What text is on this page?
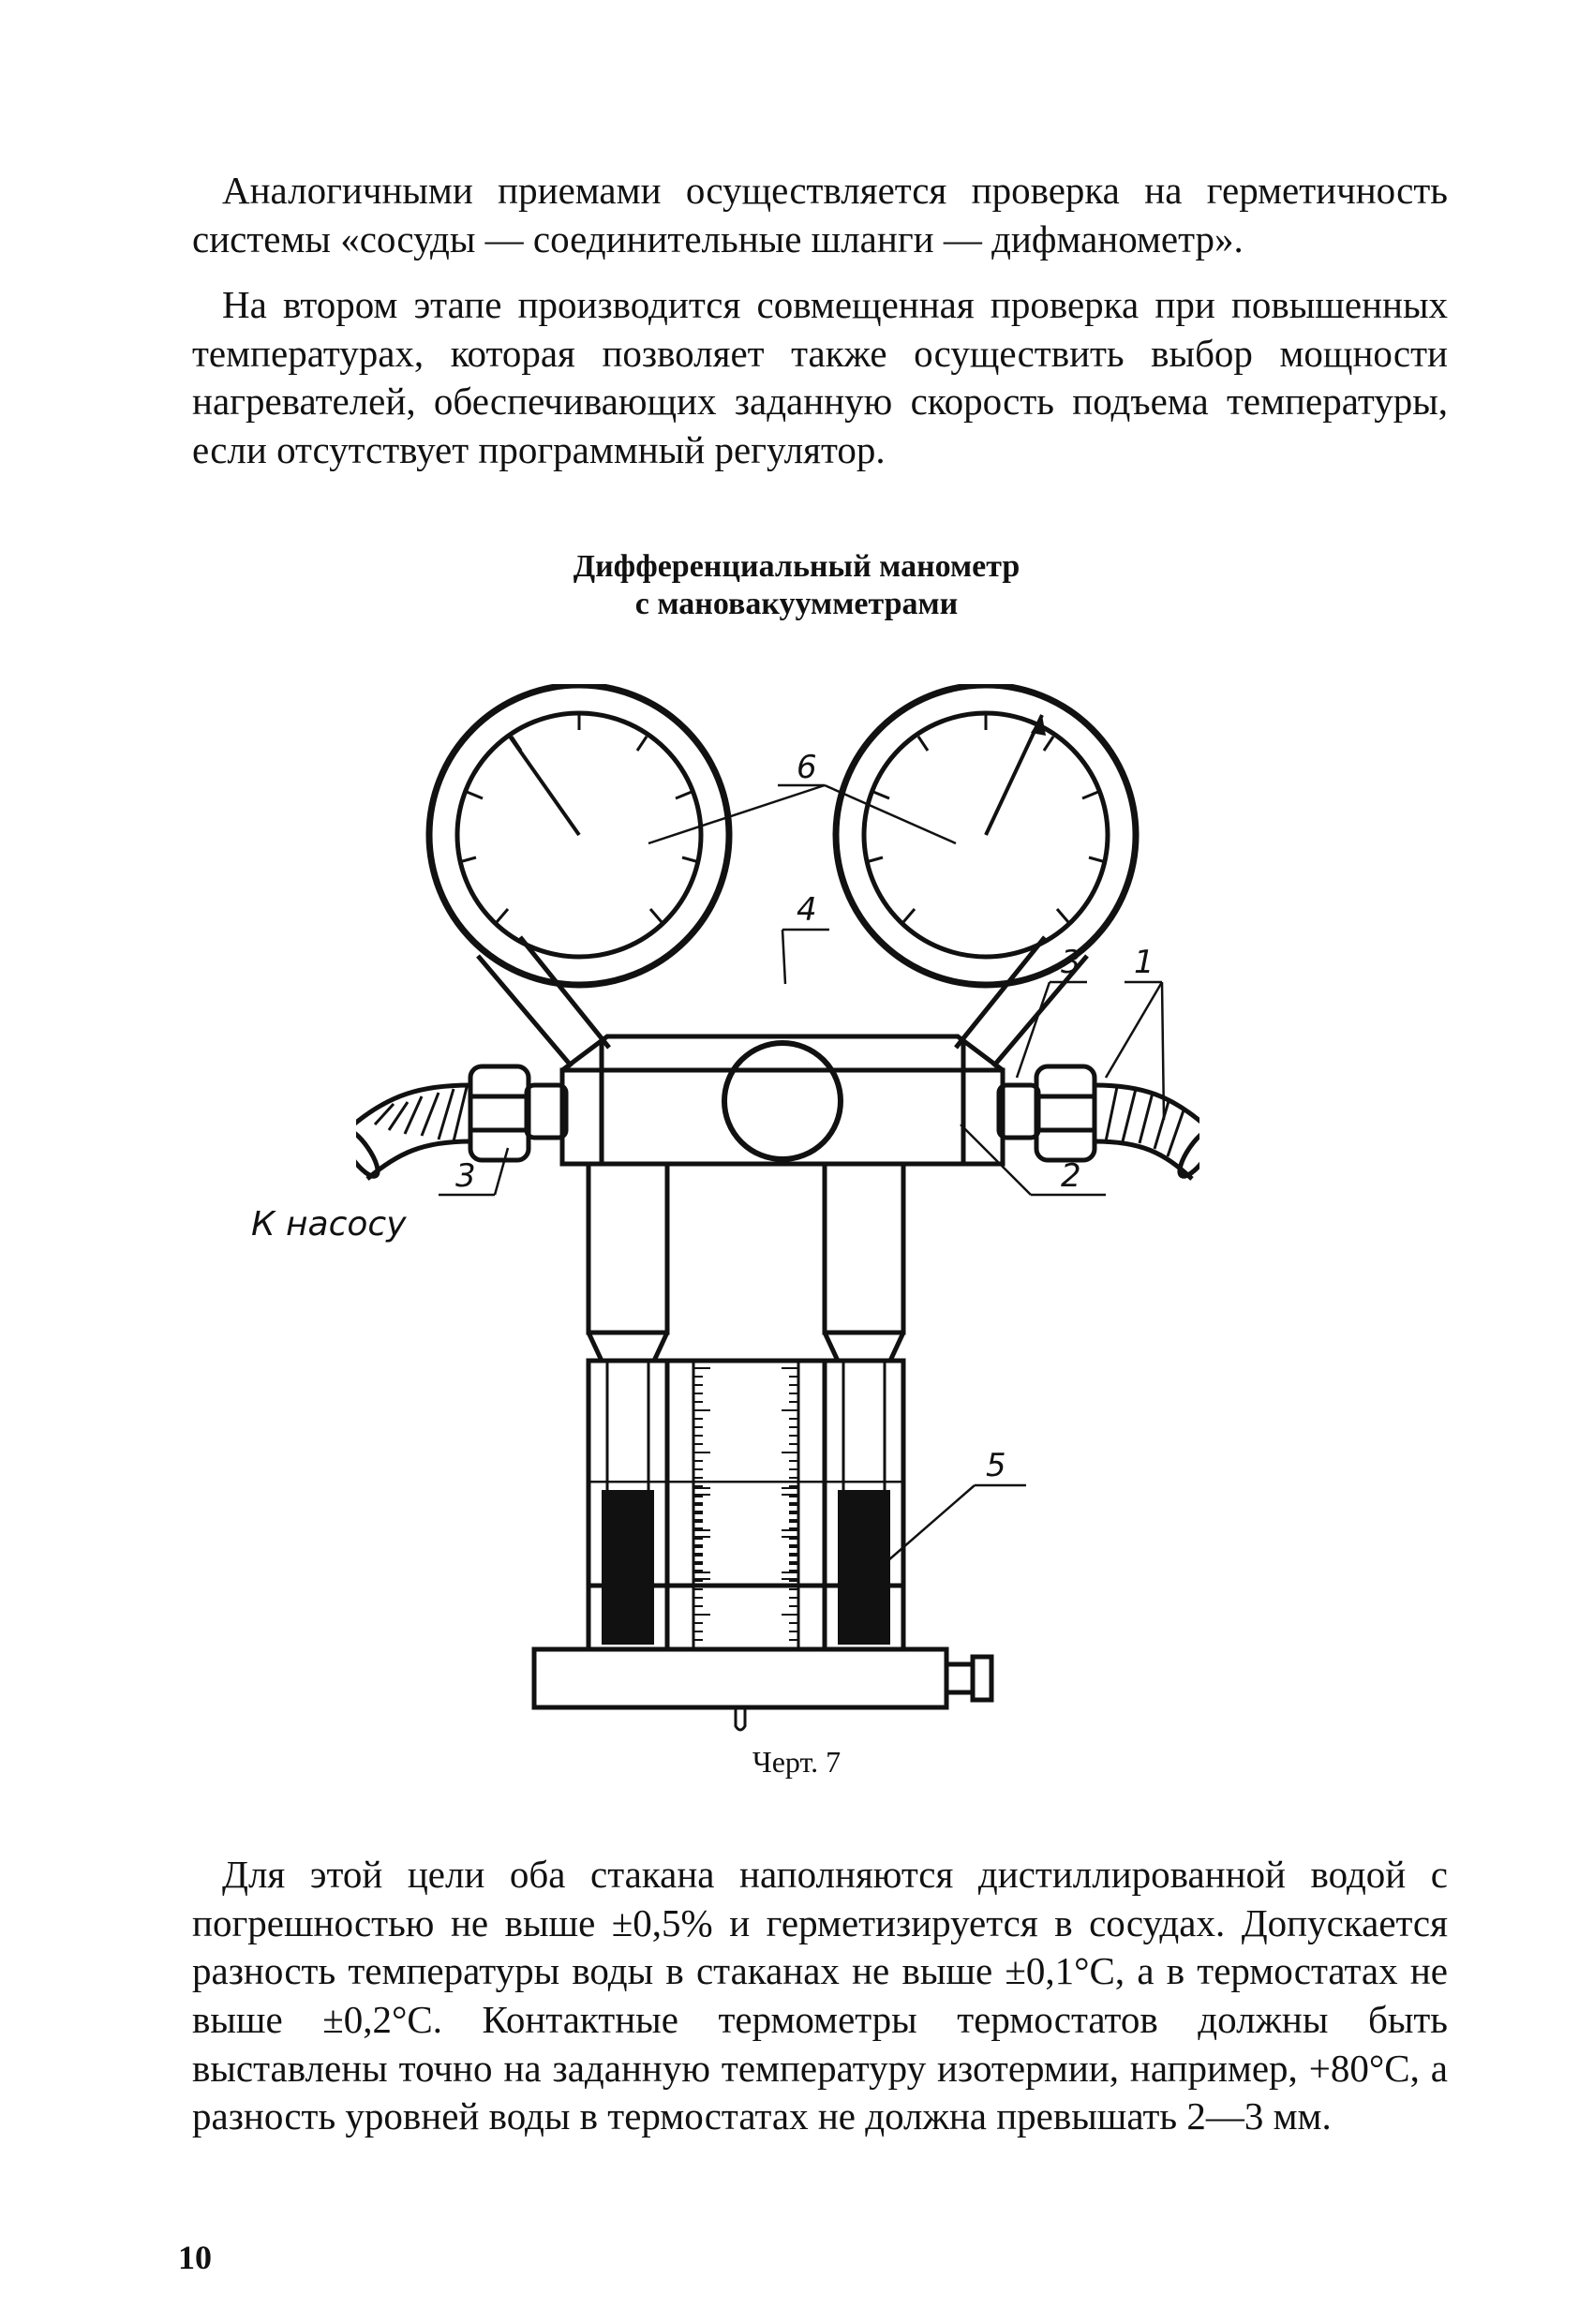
Аналогичными приемами осуществляется проверка на герметичность системы «сосуды — соединительные шланги — дифманометр».

На втором этапе производится совмещенная проверка при повышенных температурах, которая позволяет также осуществить выбор мощности нагревателей, обеспечивающих заданную скорость подъема температуры, если отсутствует программный регулятор.

Дифференциальный манометр
с мановакуумметрами
6
4
3 1
2
3
5
К насосу
Черт. 7

Для этой цели оба стакана наполняются дистиллированной водой с погрешностью не выше ±0,5% и герметизируется в сосудах. Допускается разность температуры воды в стаканах не выше ±0,1°С, а в термостатах не выше ±0,2°С. Контактные термометры термостатов должны быть выставлены точно на заданную температуру изотермии, например, +80°С, а разность уровней воды в термостатах не должна превышать 2—3 мм.

10
